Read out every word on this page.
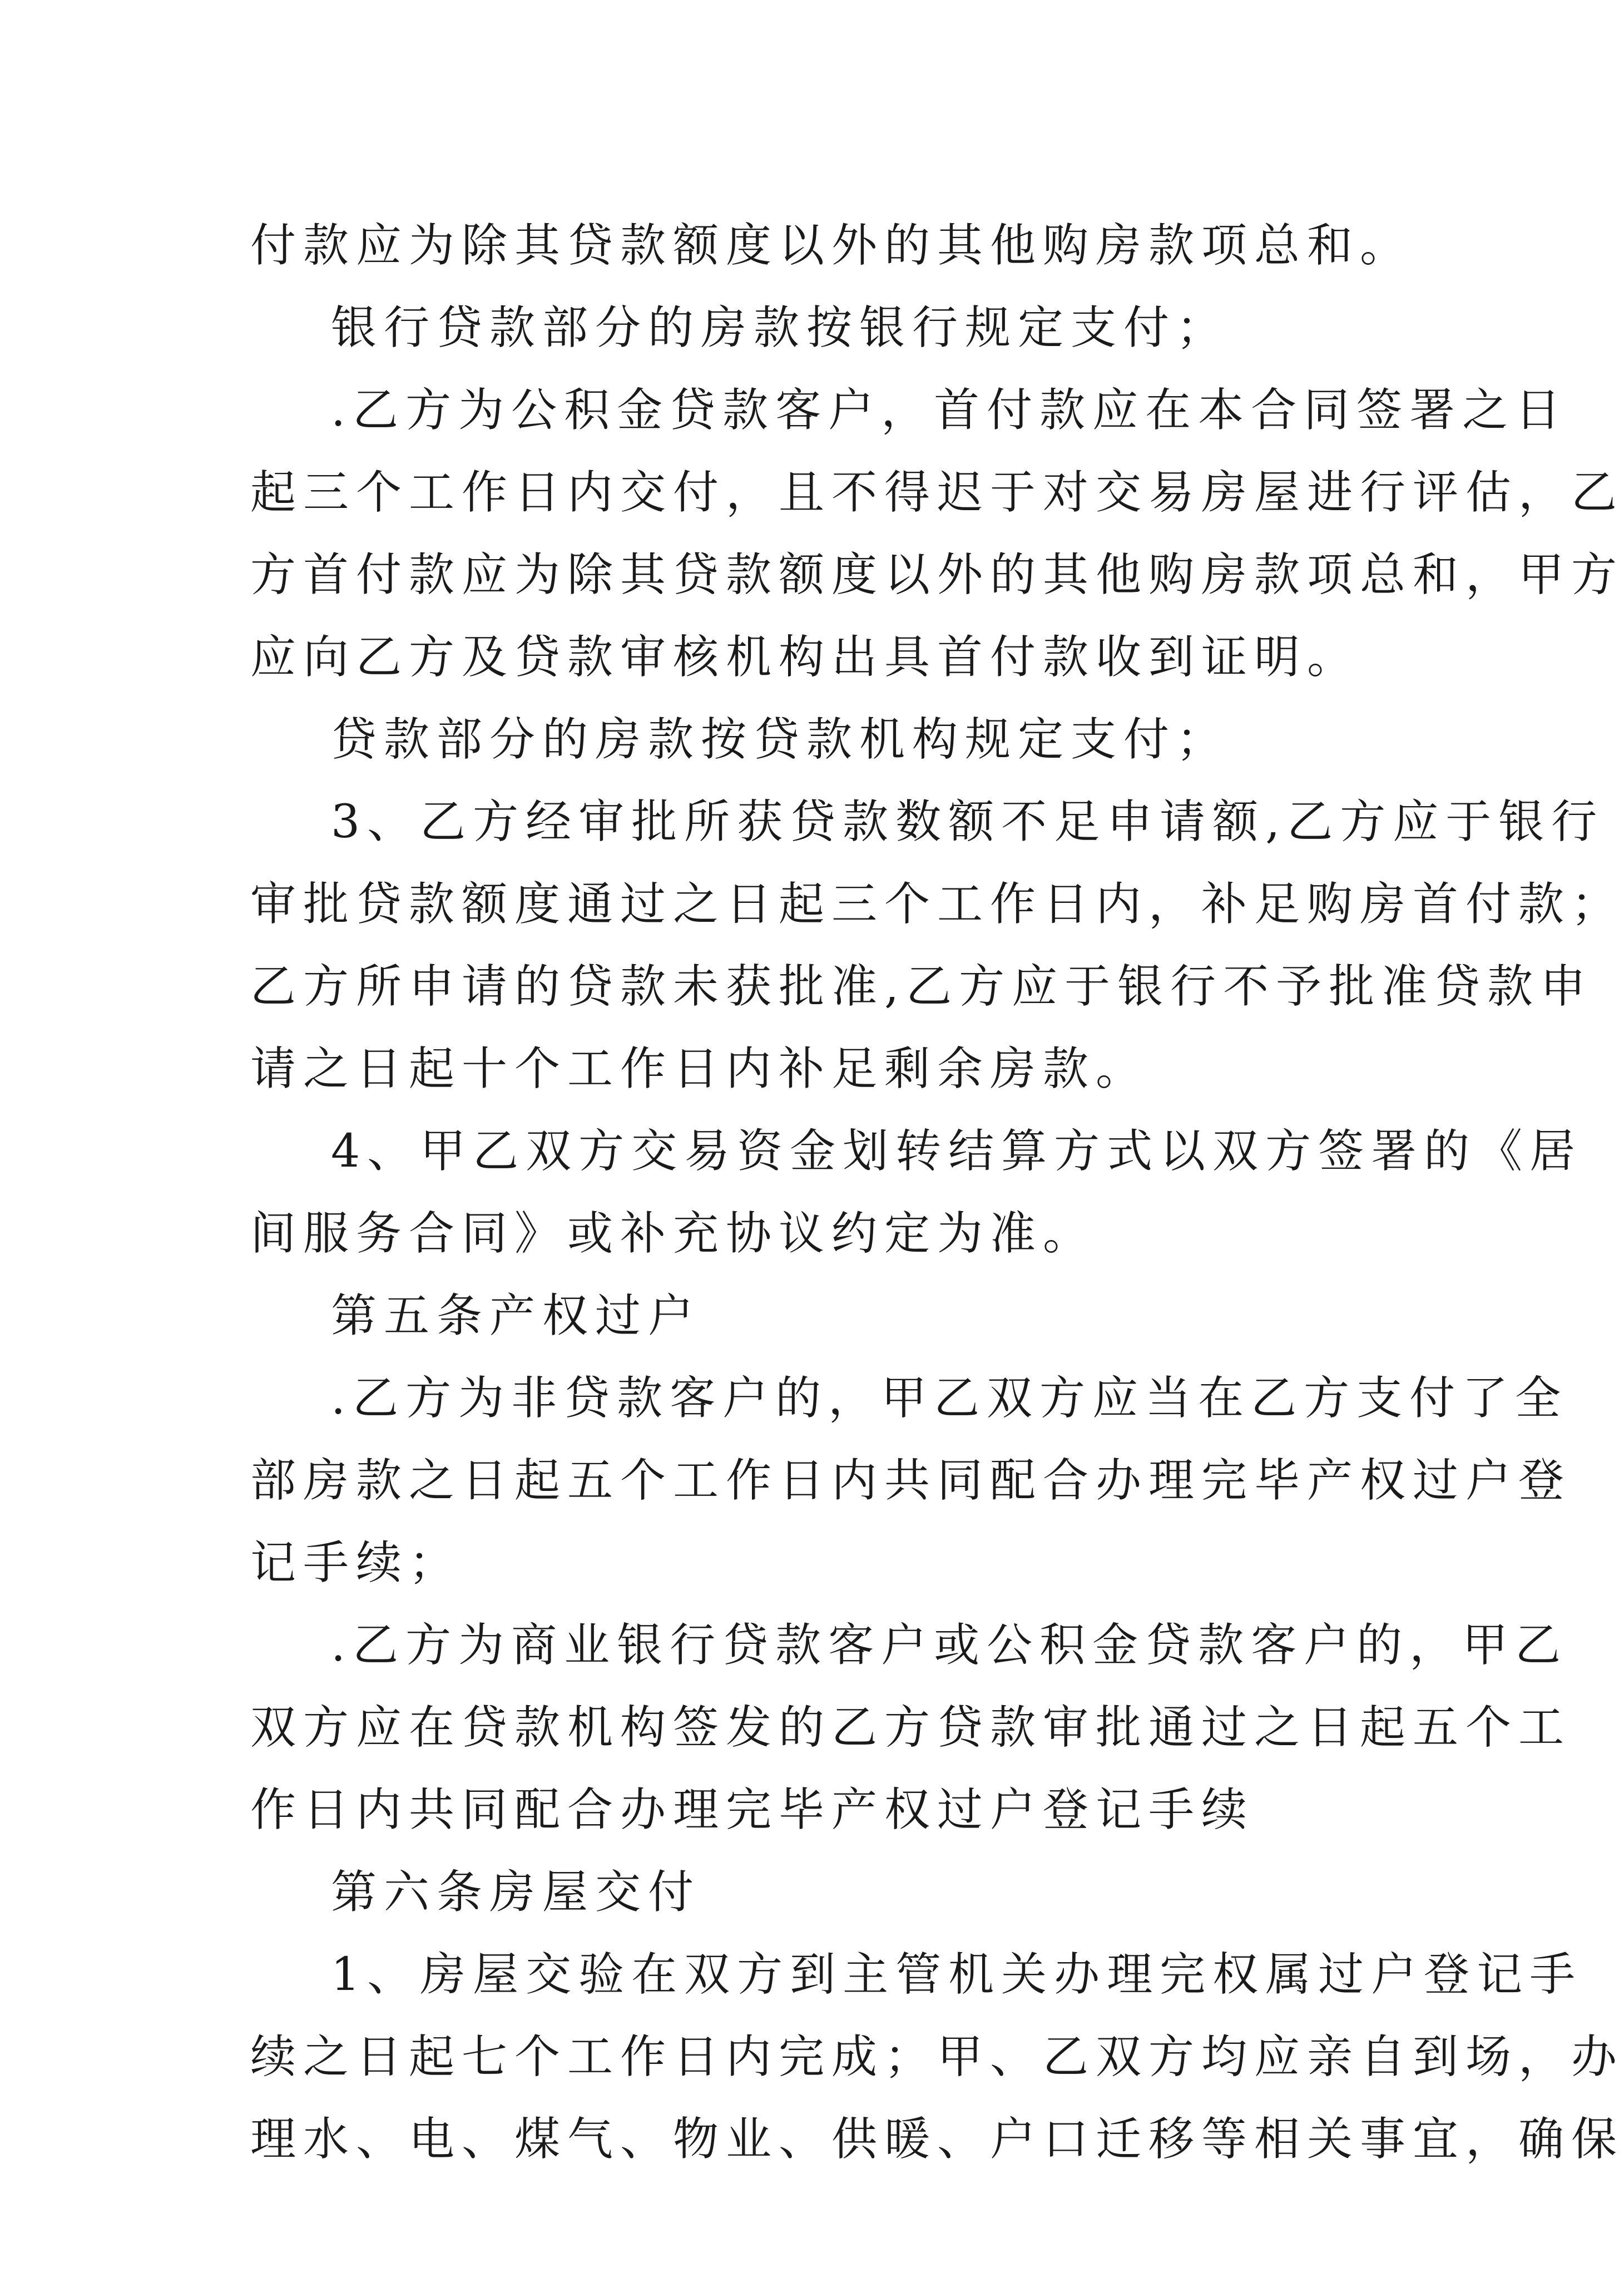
付款应为除其贷款额度以外的其他购房款项总和。
银行贷款部分的房款按银行规定支付；
.乙方为公积金贷款客户，首付款应在本合同签署之日
起三个工作日内交付，且不得迟于对交易房屋进行评估，乙
方首付款应为除其贷款额度以外的其他购房款项总和，甲方
应向乙方及贷款审核机构出具首付款收到证明。
贷款部分的房款按贷款机构规定支付；
3、乙方经审批所获贷款数额不足申请额,乙方应于银行
审批贷款额度通过之日起三个工作日内，补足购房首付款；
乙方所申请的贷款未获批准,乙方应于银行不予批准贷款申
请之日起十个工作日内补足剩余房款。
4、甲乙双方交易资金划转结算方式以双方签署的《居
间服务合同》或补充协议约定为准。
第五条产权过户
.乙方为非贷款客户的，甲乙双方应当在乙方支付了全
部房款之日起五个工作日内共同配合办理完毕产权过户登
记手续；
.乙方为商业银行贷款客户或公积金贷款客户的，甲乙
双方应在贷款机构签发的乙方贷款审批通过之日起五个工
作日内共同配合办理完毕产权过户登记手续
第六条房屋交付
1、房屋交验在双方到主管机关办理完权属过户登记手
续之日起七个工作日内完成；甲、乙双方均应亲自到场，办
理水、电、煤气、物业、供暖、户口迁移等相关事宜，确保
